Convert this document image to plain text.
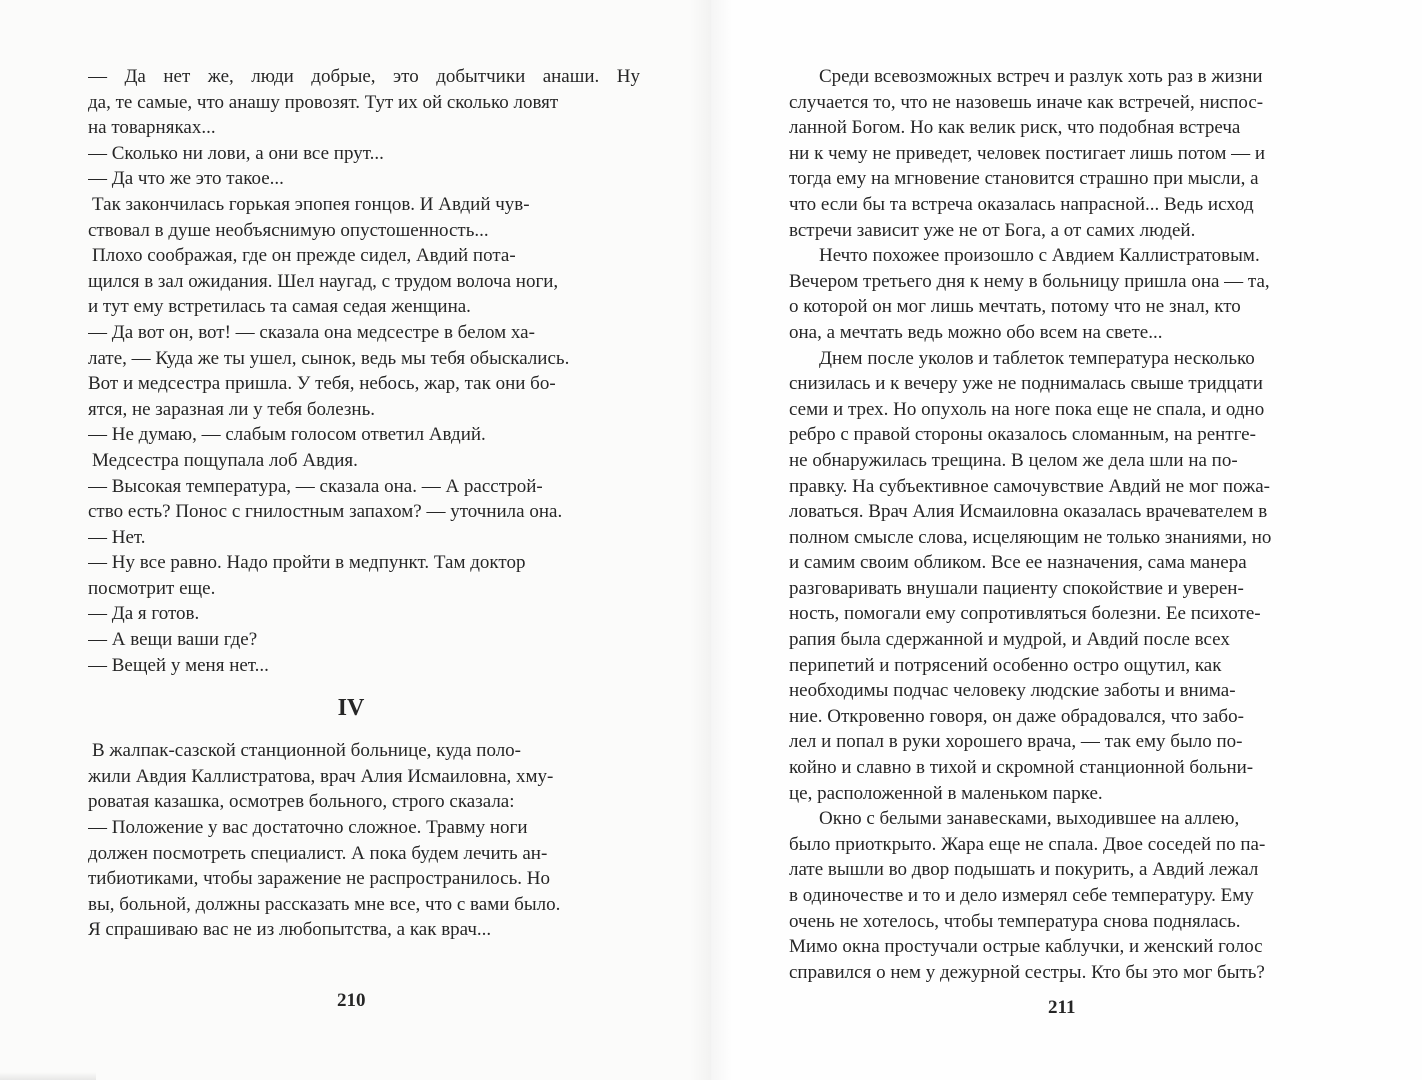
— Да нет же, люди добрые, это добытчики анаши. Ну
да, те самые, что анашу провозят. Тут их ой сколько ловят
на товарняках...
— Сколько ни лови, а они все прут...
— Да что же это такое...
Так закончилась горькая эпопея гонцов. И Авдий чув-
ствовал в душе необъяснимую опустошенность...
Плохо соображая, где он прежде сидел, Авдий пота-
щился в зал ожидания. Шел наугад, с трудом волоча ноги,
и тут ему встретилась та самая седая женщина.
— Да вот он, вот! — сказала она медсестре в белом ха-
лате, — Куда же ты ушел, сынок, ведь мы тебя обыскались.
Вот и медсестра пришла. У тебя, небось, жар, так они бо-
ятся, не заразная ли у тебя болезнь.
— Не думаю, — слабым голосом ответил Авдий.
Медсестра пощупала лоб Авдия.
— Высокая температура, — сказала она. — А расстрой-
ство есть? Понос с гнилостным запахом? — уточнила она.
— Нет.
— Ну все равно. Надо пройти в медпункт. Там доктор
посмотрит еще.
— Да я готов.
— А вещи ваши где?
— Вещей у меня нет...
IV
В жалпак-сазской станционной больнице, куда поло-
жили Авдия Каллистратова, врач Алия Исмаиловна, хму-
роватая казашка, осмотрев больного, строго сказала:
— Положение у вас достаточно сложное. Травму ноги
должен посмотреть специалист. А пока будем лечить ан-
тибиотиками, чтобы заражение не распространилось. Но
вы, больной, должны рассказать мне все, что с вами было.
Я спрашиваю вас не из любопытства, а как врач...
210
Среди всевозможных встреч и разлук хоть раз в жизни
случается то, что не назовешь иначе как встречей, ниспос-
ланной Богом. Но как велик риск, что подобная встреча
ни к чему не приведет, человек постигает лишь потом — и
тогда ему на мгновение становится страшно при мысли, а
что если бы та встреча оказалась напрасной... Ведь исход
встречи зависит уже не от Бога, а от самих людей.
Нечто похожее произошло с Авдием Каллистратовым.
Вечером третьего дня к нему в больницу пришла она — та,
о которой он мог лишь мечтать, потому что не знал, кто
она, а мечтать ведь можно обо всем на свете...
Днем после уколов и таблеток температура несколько
снизилась и к вечеру уже не поднималась свыше тридцати
семи и трех. Но опухоль на ноге пока еще не спала, и одно
ребро с правой стороны оказалось сломанным, на рентге-
не обнаружилась трещина. В целом же дела шли на по-
правку. На субъективное самочувствие Авдий не мог пожа-
ловаться. Врач Алия Исмаиловна оказалась врачевателем в
полном смысле слова, исцеляющим не только знаниями, но
и самим своим обликом. Все ее назначения, сама манера
разговаривать внушали пациенту спокойствие и уверен-
ность, помогали ему сопротивляться болезни. Ее психоте-
рапия была сдержанной и мудрой, и Авдий после всех
перипетий и потрясений особенно остро ощутил, как
необходимы подчас человеку людские заботы и внима-
ние. Откровенно говоря, он даже обрадовался, что забо-
лел и попал в руки хорошего врача, — так ему было по-
койно и славно в тихой и скромной станционной больни-
це, расположенной в маленьком парке.
Окно с белыми занавесками, выходившее на аллею,
было приоткрыто. Жара еще не спала. Двое соседей по па-
лате вышли во двор подышать и покурить, а Авдий лежал
в одиночестве и то и дело измерял себе температуру. Ему
очень не хотелось, чтобы температура снова поднялась.
Мимо окна простучали острые каблучки, и женский голос
справился о нем у дежурной сестры. Кто бы это мог быть?
211
